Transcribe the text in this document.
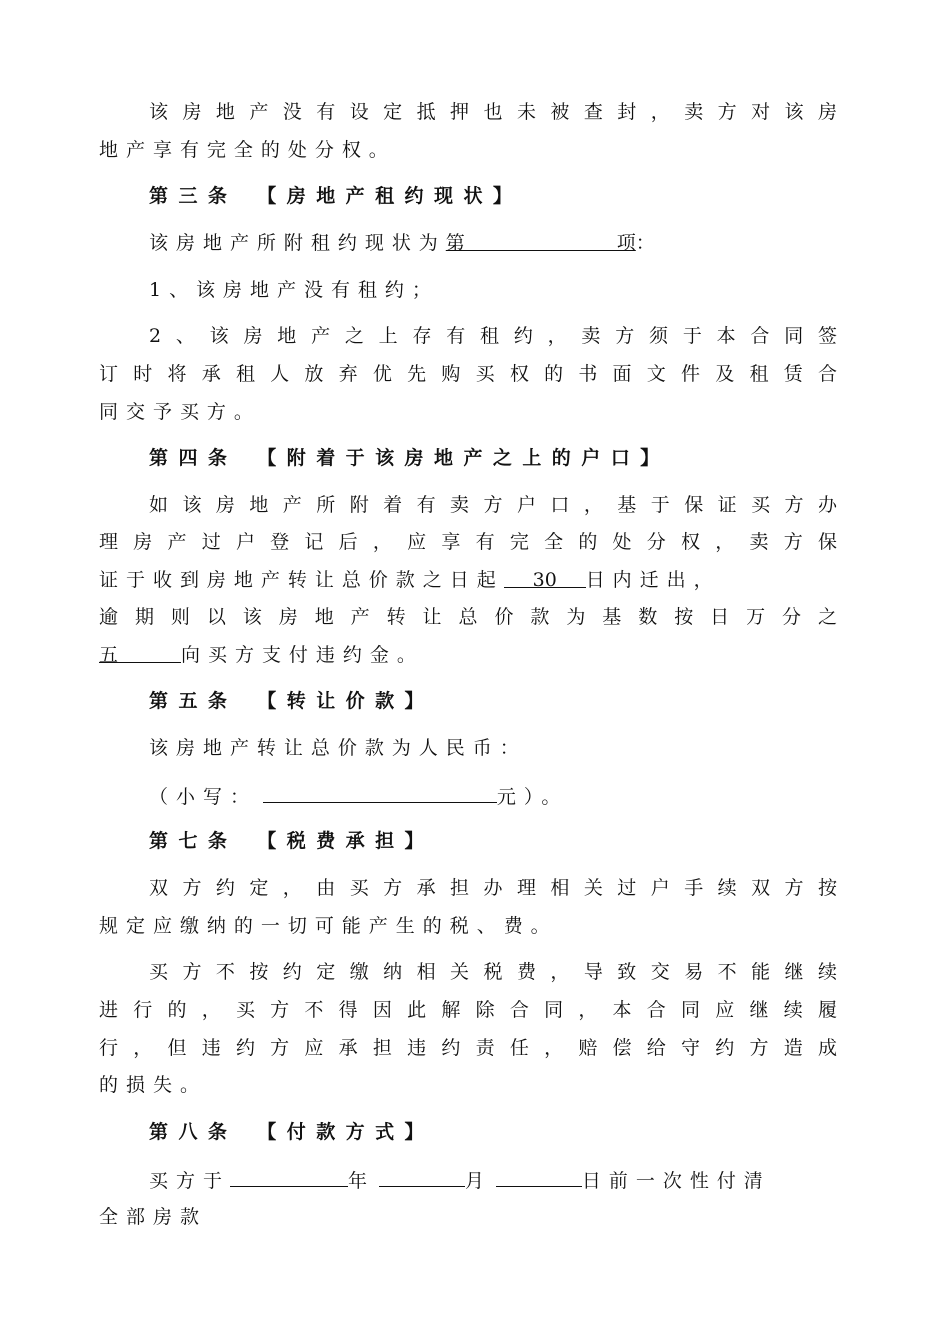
该房地产没有设定抵押也未被查封，卖方对该房
地产享有完全的处分权。
第三条　【房地产租约现状】
该房地产所附租约现状为第　　　　　　　　项：
1、该房地产没有租约；
2、该房地产之上存有租约，卖方须于本合同签
订时将承租人放弃优先购买权的书面文件及租赁合
同交予买方。
第四条　【附着于该房地产之上的户口】
如该房地产所附着有卖方户口，基于保证买方办
理房产过户登记后，应享有完全的处分权，卖方保
证于收到房地产转让总价款之日起 30 日内迁出，
逾期则以该房地产转让总价款为基数按日万分之
五	向买方支付违约金。
第五条　【转让价款】
该房地产转让总价款为人民币：
（小写：	元）。
第七条　【税费承担】
双方约定，由买方承担办理相关过户手续双方按
规定应缴纳的一切可能产生的税、费。
买方不按约定缴纳相关税费，导致交易不能继续
进行的，买方不得因此解除合同，本合同应继续履
行，但违约方应承担违约责任，赔偿给守约方造成
的损失。
第八条　【付款方式】
买方于	年	月	日前一次性付清
全部房款
